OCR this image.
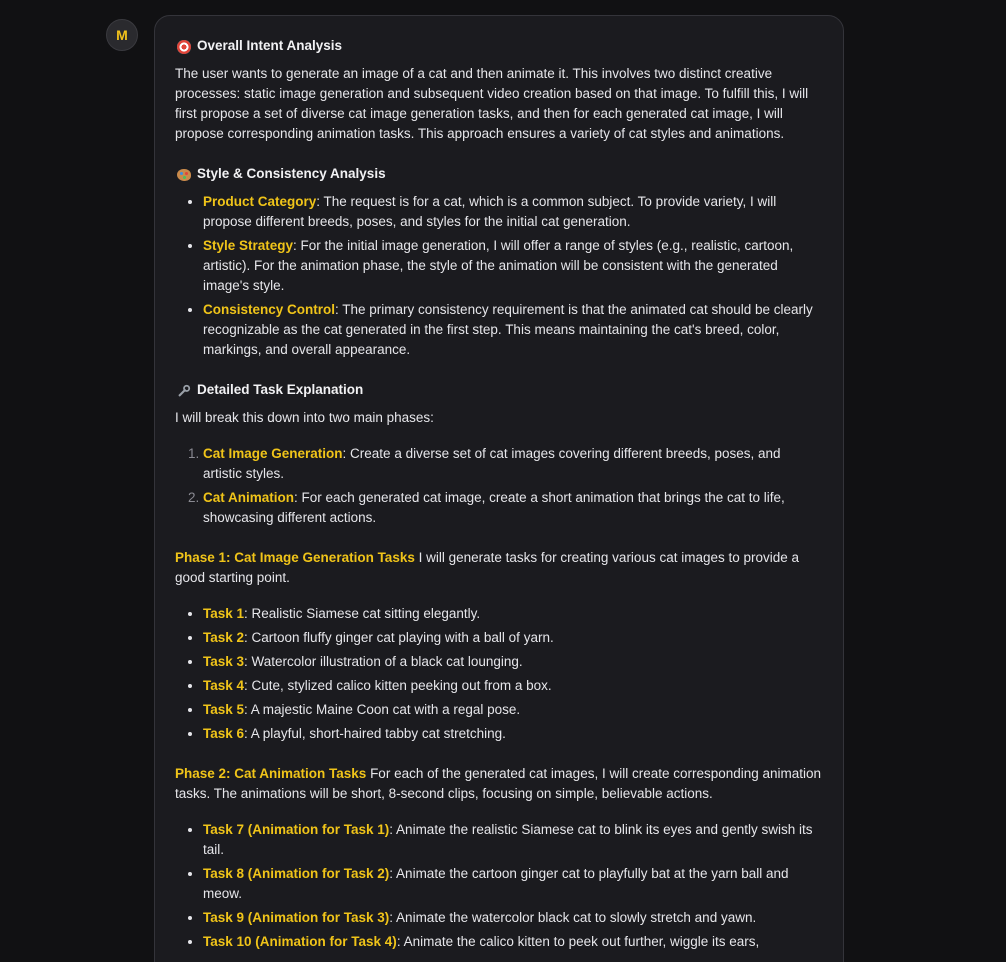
M
Overall Intent Analysis

The user wants to generate an image of a cat and then animate it. This involves two distinct creative processes: static image generation and subsequent video creation based on that image. To fulfill this, I will first propose a set of diverse cat image generation tasks, and then for each generated cat image, I will propose corresponding animation tasks. This approach ensures a variety of cat styles and animations.

Style & Consistency Analysis
• Product Category: The request is for a cat, which is a common subject. To provide variety, I will propose different breeds, poses, and styles for the initial cat generation.
• Style Strategy: For the initial image generation, I will offer a range of styles (e.g., realistic, cartoon, artistic). For the animation phase, the style of the animation will be consistent with the generated image's style.
• Consistency Control: The primary consistency requirement is that the animated cat should be clearly recognizable as the cat generated in the first step. This means maintaining the cat's breed, color, markings, and overall appearance.
Detailed Task Explanation

I will break this down into two main phases:

1. Cat Image Generation: Create a diverse set of cat images covering different breeds, poses, and artistic styles.
2. Cat Animation: For each generated cat image, create a short animation that brings the cat to life, showcasing different actions.

Phase 1: Cat Image Generation Tasks I will generate tasks for creating various cat images to provide a good starting point.

• Task 1: Realistic Siamese cat sitting elegantly.
• Task 2: Cartoon fluffy ginger cat playing with a ball of yarn.
• Task 3: Watercolor illustration of a black cat lounging.
• Task 4: Cute, stylized calico kitten peeking out from a box.
• Task 5: A majestic Maine Coon cat with a regal pose.
• Task 6: A playful, short-haired tabby cat stretching.

Phase 2: Cat Animation Tasks For each of the generated cat images, I will create corresponding animation tasks. The animations will be short, 8-second clips, focusing on simple, believable actions.

• Task 7 (Animation for Task 1): Animate the realistic Siamese cat to blink its eyes and gently swish its tail.
• Task 8 (Animation for Task 2): Animate the cartoon ginger cat to playfully bat at the yarn ball and meow.
• Task 9 (Animation for Task 3): Animate the watercolor black cat to slowly stretch and yawn.
• Task 10 (Animation for Task 4): Animate the calico kitten to peek out further, wiggle its ears,
